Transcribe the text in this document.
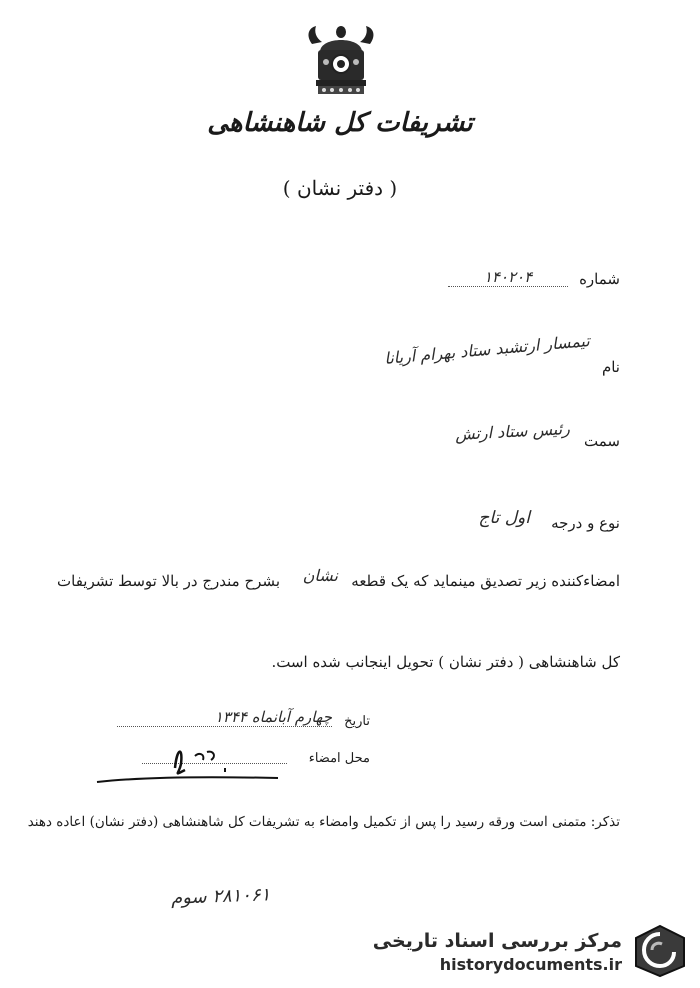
تشریفات کل شاهنشاهی
( دفتر نشان )
شماره
۱۴۰۲۰۴
نام
تیمسار ارتشبد ستاد بهرام آریانا
سمت
رئیس ستاد ارتش
نوع و درجه
اول تاج
امضاءکننده زیر تصدیق مینماید که یک قطعه
نشان
بشرح مندرج در بالا توسط تشریفات
کل شاهنشاهی ( دفتر نشان ) تحویل اینجانب شده است.
تاریخ
چهارم آبانماه ۱۳۴۴
محل امضاء
تذکر: متمنی است ورقه رسید را پس از تکمیل وامضاء به تشریفات کل شاهنشاهی (دفتر نشان) اعاده دهند
۲۸۱۰۶۱ سوم
مرکز بررسی اسناد تاریخی
historydocuments.ir
